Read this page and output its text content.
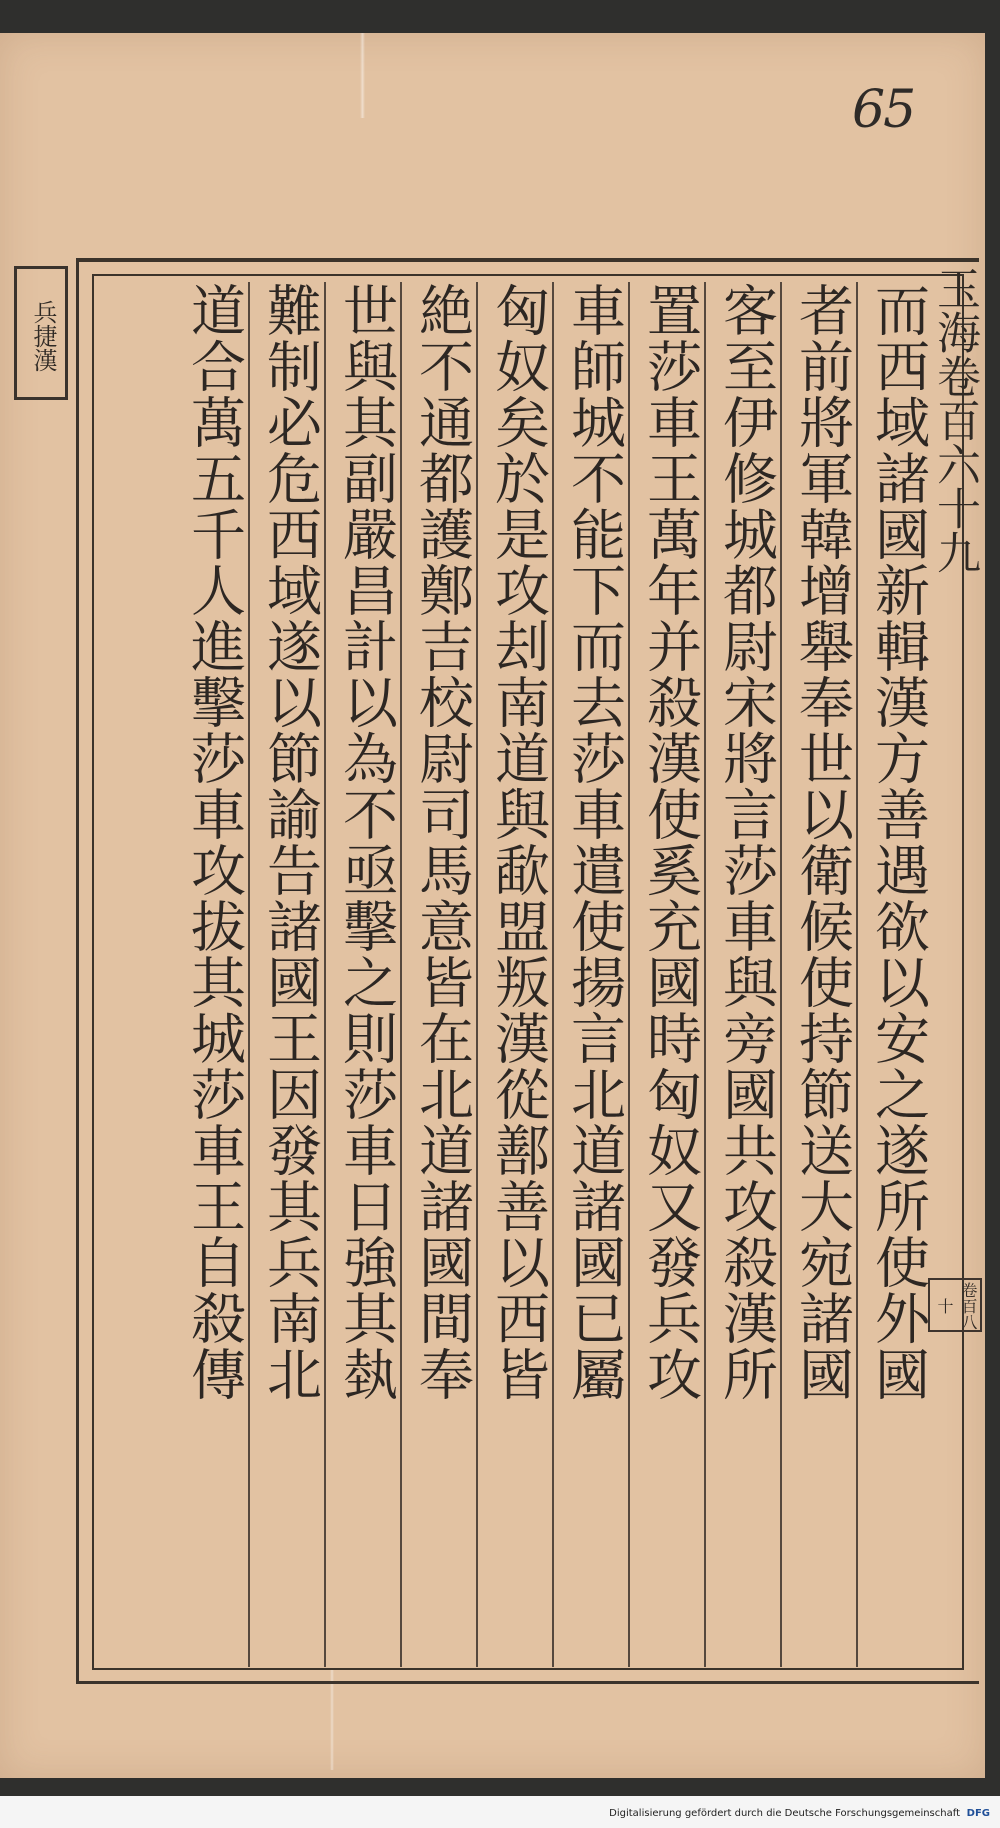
65
兵捷漢	玉海卷百六十九
卷百八十
而西域諸國新輯漢方善遇欲以安之遂所使外國
者前將軍韓增舉奉世以衛候使持節送大宛諸國
客至伊修城都尉宋將言莎車與旁國共攻殺漢所
置莎車王萬年并殺漢使奚充國時匈奴又發兵攻
車師城不能下而去莎車遣使揚言北道諸國已屬
匈奴矣於是攻刦南道與歃盟叛漢從鄯善以西皆
絶不通都護鄭吉校尉司馬意皆在北道諸國間奉
世與其副嚴昌計以為不亟擊之則莎車日強其埶
難制必危西域遂以節諭告諸國王因發其兵南北
道合萬五千人進擊莎車攻拔其城莎車王自殺傳
Digitalisierung gefördert durch die Deutsche Forschungsgemeinschaft DFG
